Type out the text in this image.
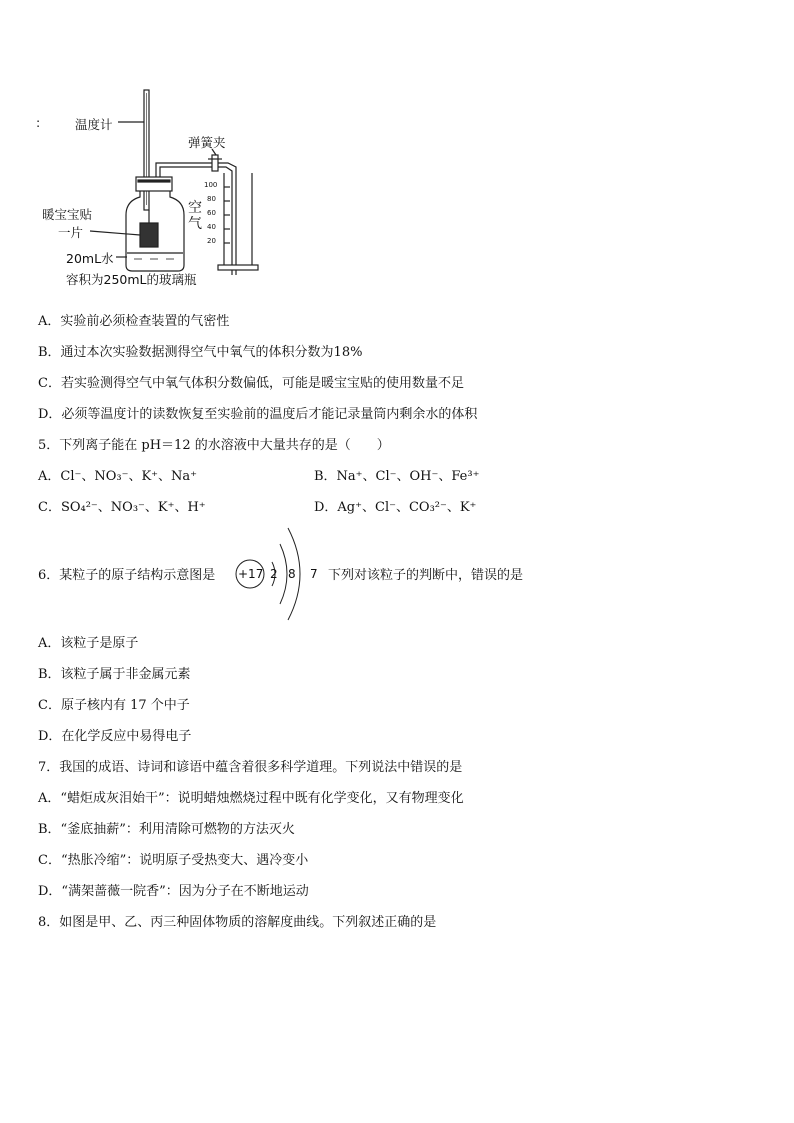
:	温度计
弹簧夹
暖宝宝贴
一片
空
气
20mL水
容积为250mL的玻璃瓶
100
80
60
40
20
A．实验前必须检查装置的气密性
B．通过本次实验数据测得空气中氧气的体积分数为18%
C．若实验测得空气中氧气体积分数偏低，可能是暖宝宝贴的使用数量不足
D．必须等温度计的读数恢复至实验前的温度后才能记录量筒内剩余水的体积
5．下列离子能在 pH＝12 的水溶液中大量共存的是（　　）
A．Cl⁻、NO₃⁻、K⁺、Na⁺	B．Na⁺、Cl⁻、OH⁻、Fe³⁺
C．SO₄²⁻、NO₃⁻、K⁺、H⁺	D．Ag⁺、Cl⁻、CO₃²⁻、K⁺
6．某粒子的原子结构示意图是 +17 2 8 7 下列对该粒子的判断中，错误的是
A．该粒子是原子
B．该粒子属于非金属元素
C．原子核内有 17 个中子
D．在化学反应中易得电子
7．我国的成语、诗词和谚语中蕴含着很多科学道理。下列说法中错误的是
A．“蜡炬成灰泪始干”：说明蜡烛燃烧过程中既有化学变化，又有物理变化
B．“釜底抽薪”：利用清除可燃物的方法灭火
C．“热胀冷缩”：说明原子受热变大、遇冷变小
D．“满架蔷薇一院香”：因为分子在不断地运动
8．如图是甲、乙、丙三种固体物质的溶解度曲线。下列叙述正确的是
